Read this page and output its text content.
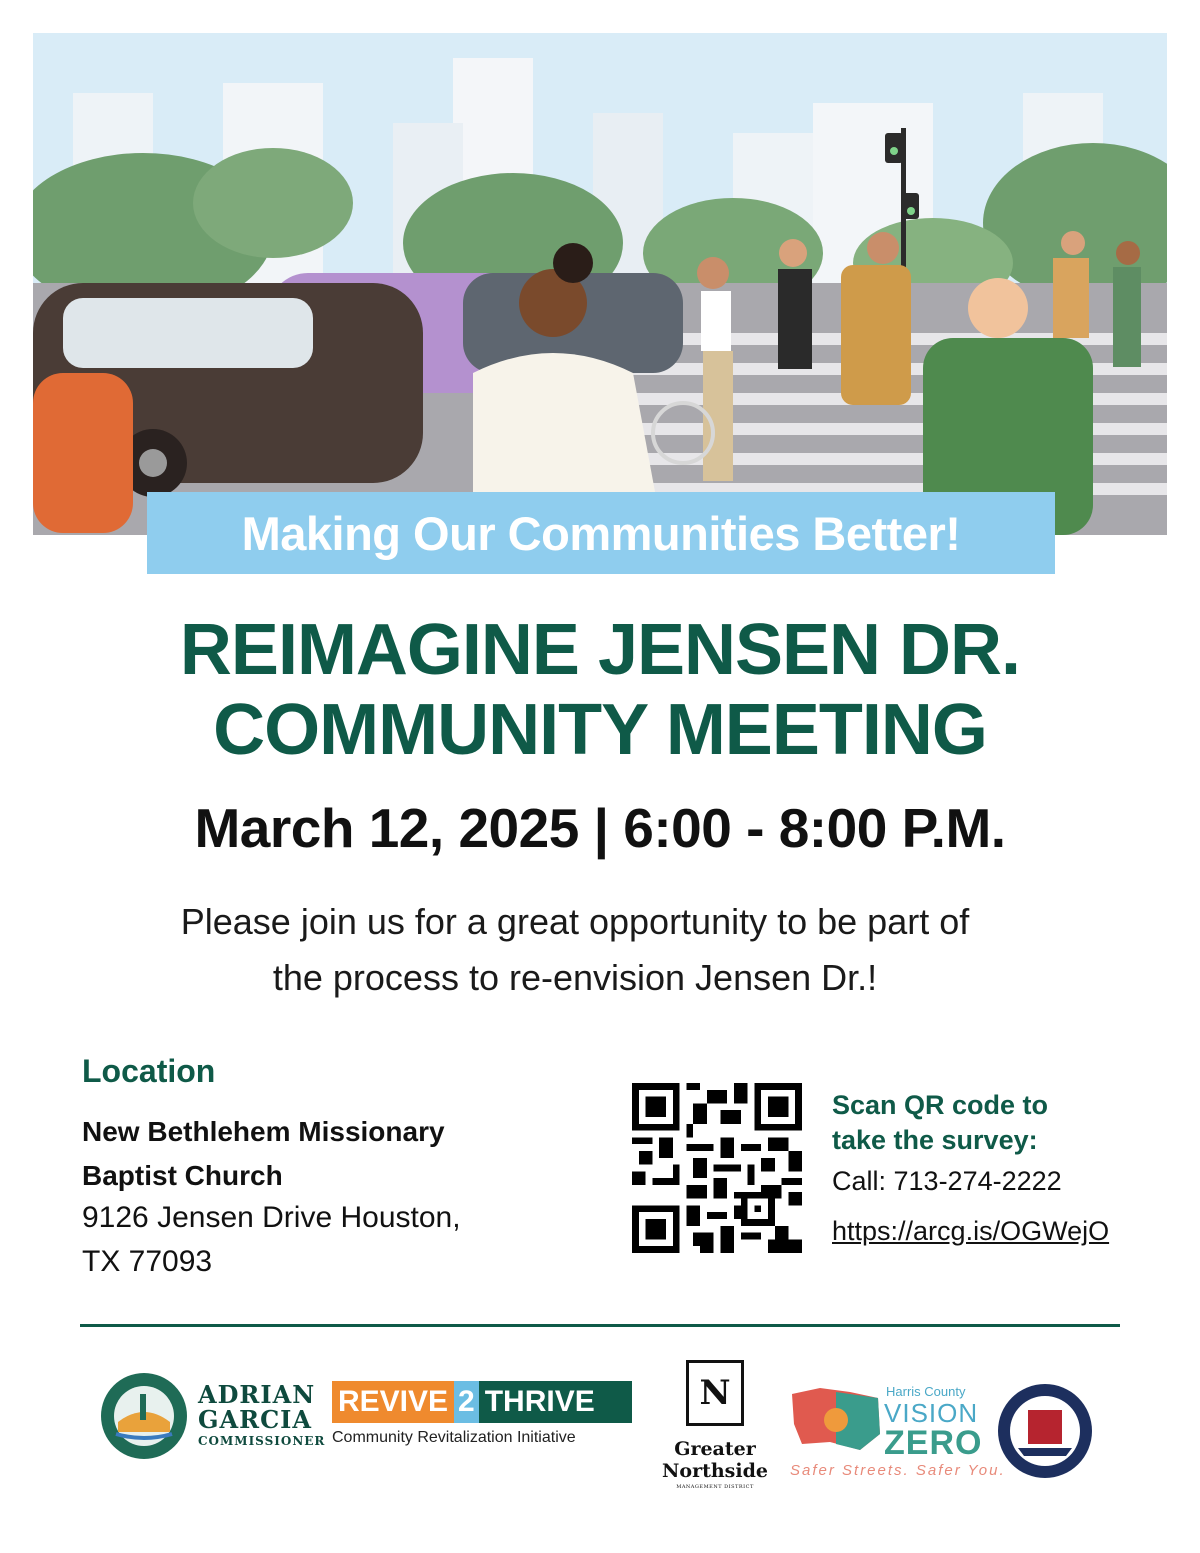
Making Our Communities Better!
REIMAGINE JENSEN DR.
COMMUNITY MEETING
March 12, 2025 | 6:00 - 8:00 P.M.
Please join us for a great opportunity to be part of
the process to re-envision Jensen Dr.!
Location
New Bethlehem Missionary
Baptist Church
9126 Jensen Drive Houston,
TX 77093
Scan QR code to
take the survey:
Call: 713-274-2222
https://arcg.is/OGWejO
ADRIAN
GARCIA
COMMISSIONER
REVIVE 2 THRIVE
Community Revitalization Initiative
N
Greater
Northside
MANAGEMENT DISTRICT
Harris County
VISION
ZERO
Safer Streets. Safer You.
